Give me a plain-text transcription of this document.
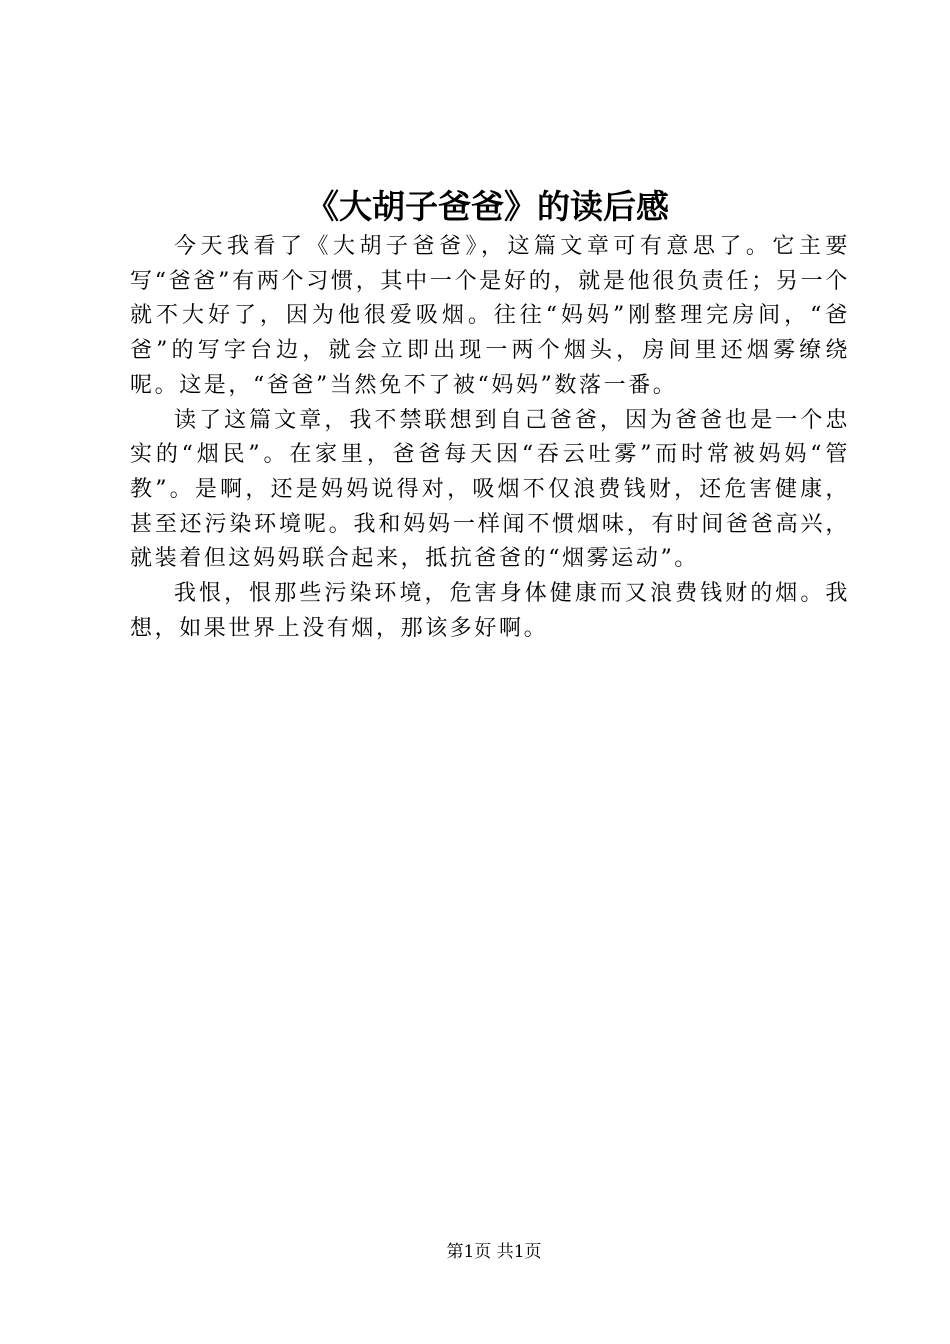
《大胡子爸爸》的读后感

今天我看了《大胡子爸爸》，这篇文章可有意思了。它主要写“爸爸”有两个习惯，其中一个是好的，就是他很负责任；另一个就不大好了，因为他很爱吸烟。往往“妈妈”刚整理完房间，“爸爸”的写字台边，就会立即出现一两个烟头，房间里还烟雾缭绕呢。这是，“爸爸”当然免不了被“妈妈”数落一番。

读了这篇文章，我不禁联想到自己爸爸，因为爸爸也是一个忠实的“烟民”。在家里，爸爸每天因“吞云吐雾”而时常被妈妈“管教”。是啊，还是妈妈说得对，吸烟不仅浪费钱财，还危害健康，甚至还污染环境呢。我和妈妈一样闻不惯烟味，有时间爸爸高兴，就装着但这妈妈联合起来，抵抗爸爸的“烟雾运动”。

我恨，恨那些污染环境，危害身体健康而又浪费钱财的烟。我想，如果世界上没有烟，那该多好啊。

第1页 共1页
